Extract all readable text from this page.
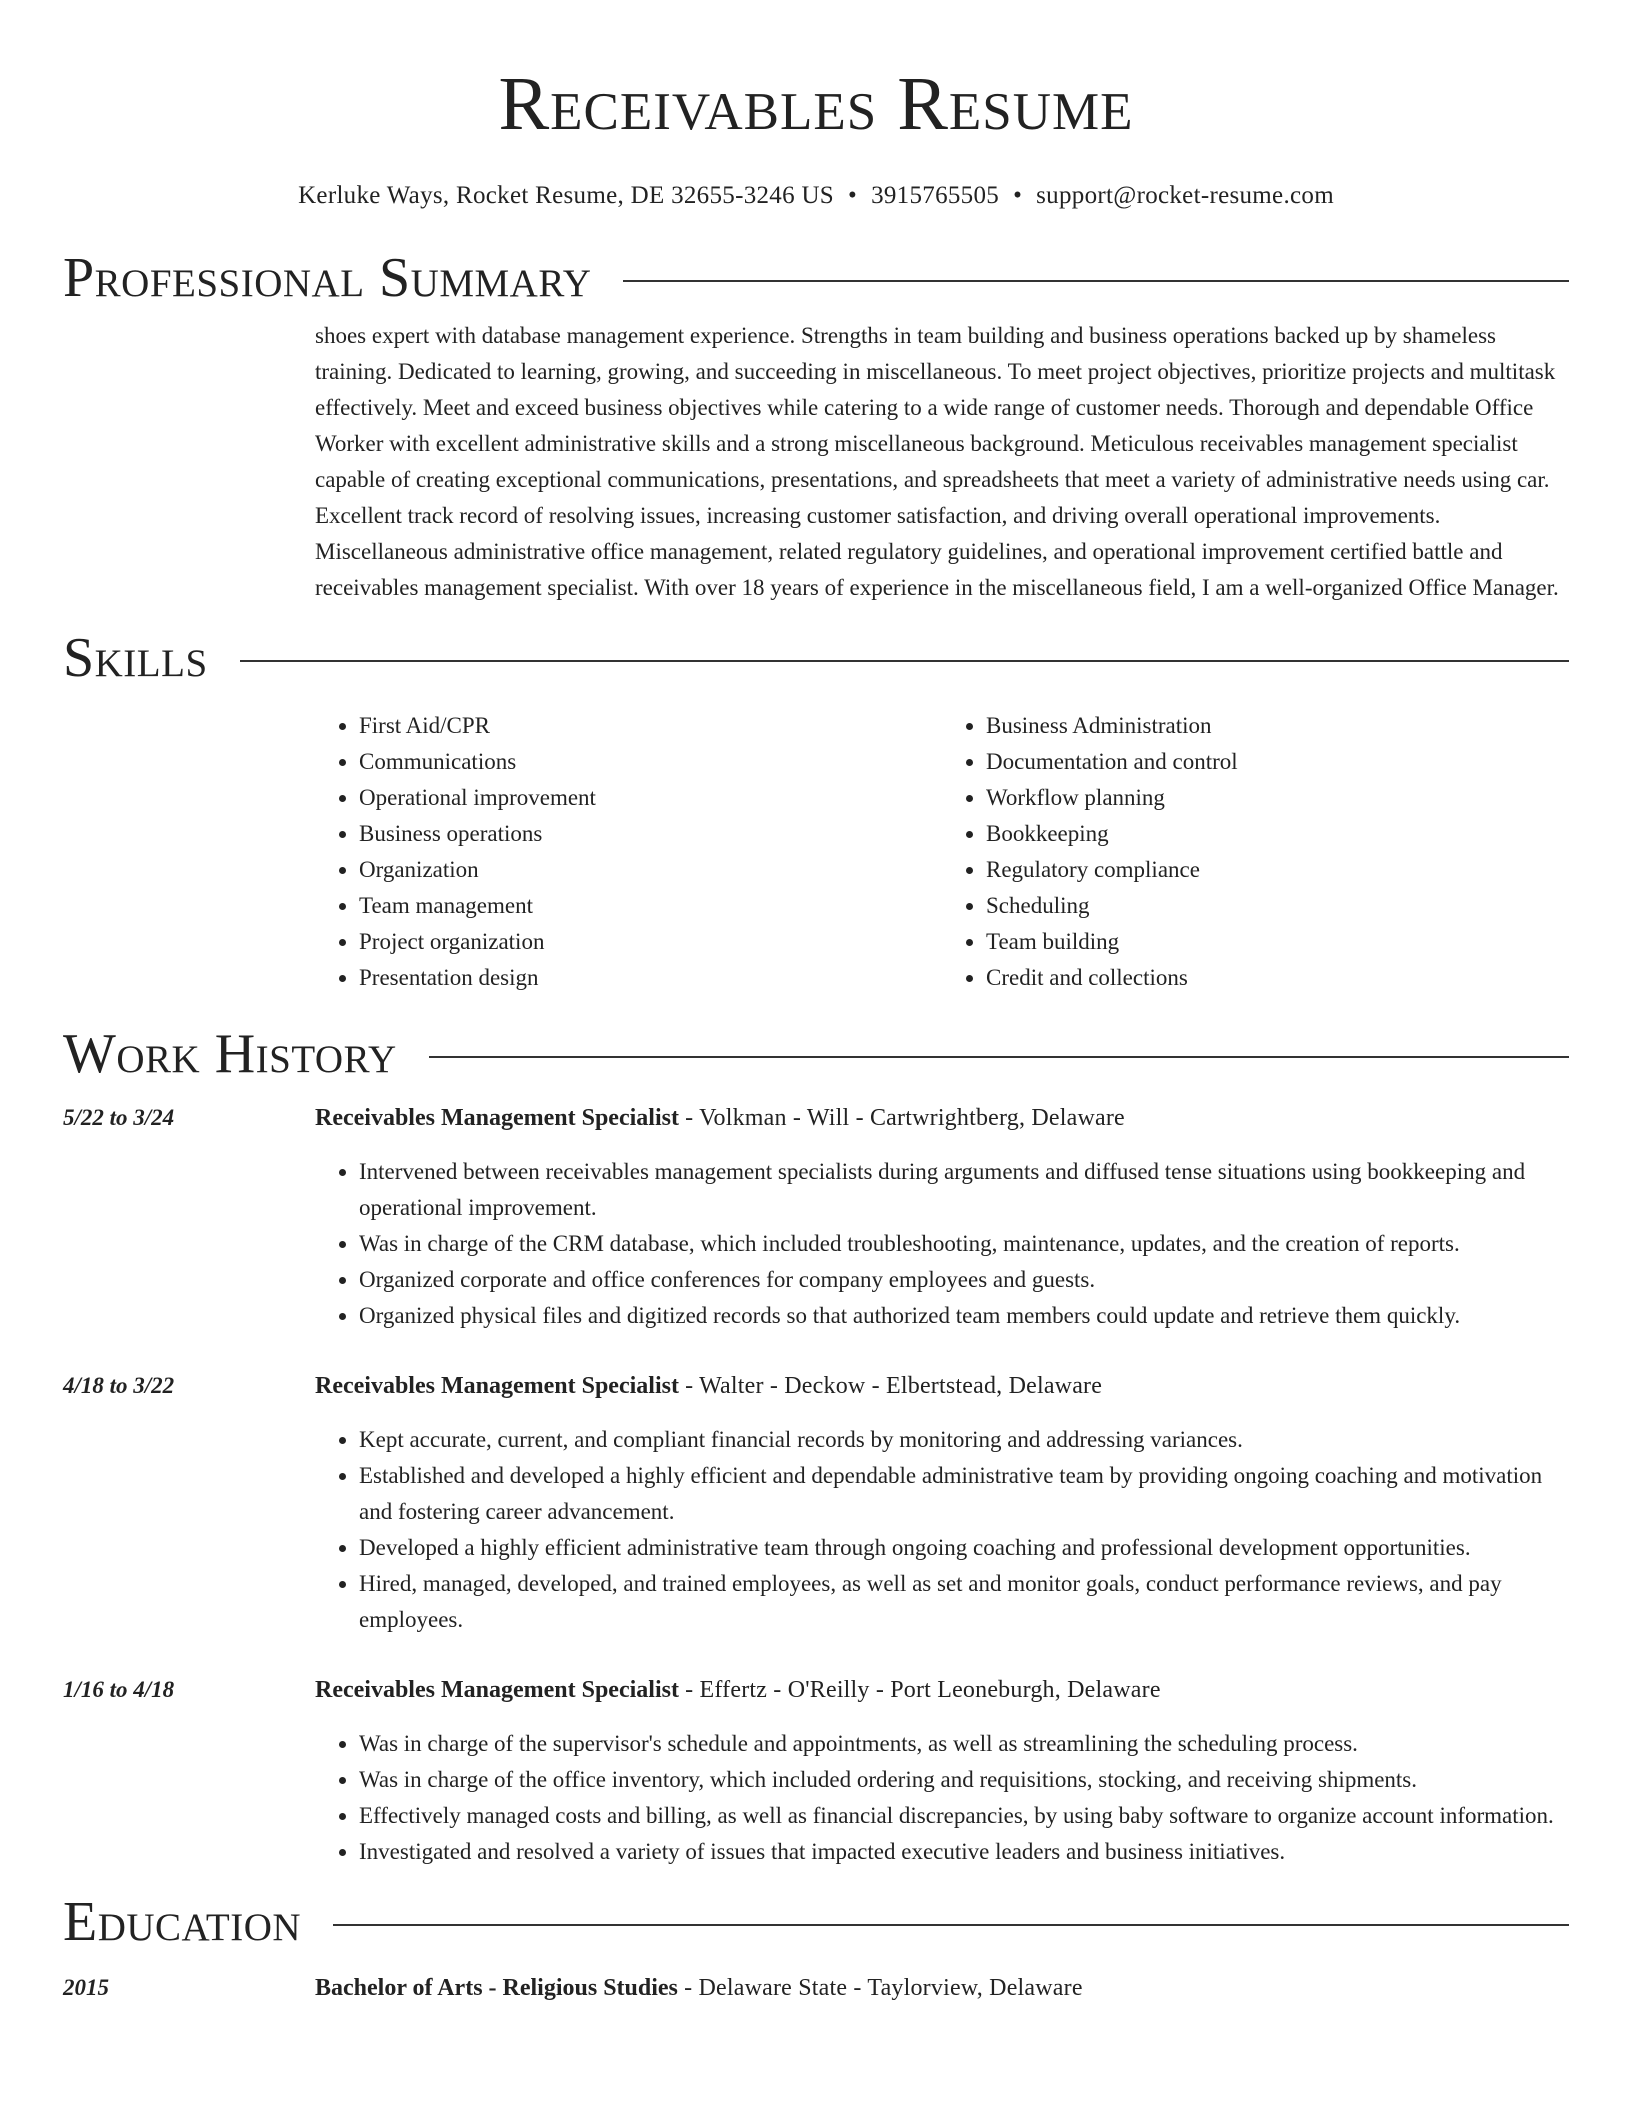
Receivables Resume
Kerluke Ways, Rocket Resume, DE 32655-3246 US • 3915765505 • support@rocket-resume.com
Professional Summary

shoes expert with database management experience. Strengths in team building and business operations backed up by shameless training. Dedicated to learning, growing, and succeeding in miscellaneous. To meet project objectives, prioritize projects and multitask effectively. Meet and exceed business objectives while catering to a wide range of customer needs. Thorough and dependable Office Worker with excellent administrative skills and a strong miscellaneous background. Meticulous receivables management specialist capable of creating exceptional communications, presentations, and spreadsheets that meet a variety of administrative needs using car. Excellent track record of resolving issues, increasing customer satisfaction, and driving overall operational improvements. Miscellaneous administrative office management, related regulatory guidelines, and operational improvement certified battle and receivables management specialist. With over 18 years of experience in the miscellaneous field, I am a well-organized Office Manager.

Skills
• First Aid/CPR
• Communications
• Operational improvement
• Business operations
• Organization
• Team management
• Project organization
• Presentation design
• Business Administration
• Documentation and control
• Workflow planning
• Bookkeeping
• Regulatory compliance
• Scheduling
• Team building
• Credit and collections
Work History
5/22 to 3/24	Receivables Management Specialist - Volkman - Will - Cartwrightberg, Delaware
• Intervened between receivables management specialists during arguments and diffused tense situations using bookkeeping and operational improvement.
• Was in charge of the CRM database, which included troubleshooting, maintenance, updates, and the creation of reports.
• Organized corporate and office conferences for company employees and guests.
• Organized physical files and digitized records so that authorized team members could update and retrieve them quickly.
4/18 to 3/22	Receivables Management Specialist - Walter - Deckow - Elbertstead, Delaware
• Kept accurate, current, and compliant financial records by monitoring and addressing variances.
• Established and developed a highly efficient and dependable administrative team by providing ongoing coaching and motivation and fostering career advancement.
• Developed a highly efficient administrative team through ongoing coaching and professional development opportunities.
• Hired, managed, developed, and trained employees, as well as set and monitor goals, conduct performance reviews, and pay employees.
1/16 to 4/18	Receivables Management Specialist - Effertz - O'Reilly - Port Leoneburgh, Delaware
• Was in charge of the supervisor's schedule and appointments, as well as streamlining the scheduling process.
• Was in charge of the office inventory, which included ordering and requisitions, stocking, and receiving shipments.
• Effectively managed costs and billing, as well as financial discrepancies, by using baby software to organize account information.
• Investigated and resolved a variety of issues that impacted executive leaders and business initiatives.
Education
2015	Bachelor of Arts - Religious Studies - Delaware State - Taylorview, Delaware
